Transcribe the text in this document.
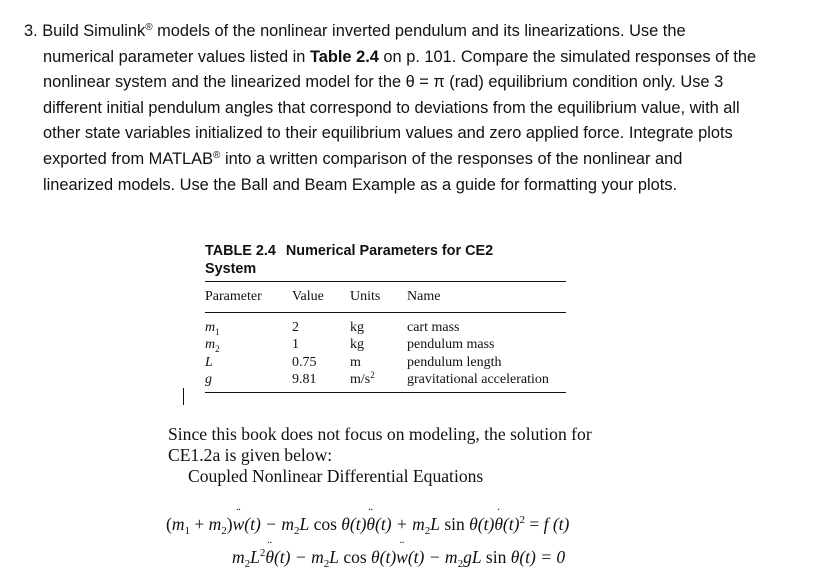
3. Build Simulink® models of the nonlinear inverted pendulum and its linearizations. Use the
numerical parameter values listed in Table 2.4 on p. 101. Compare the simulated responses of the
nonlinear system and the linearized model for the θ = π (rad) equilibrium condition only. Use 3
different initial pendulum angles that correspond to deviations from the equilibrium value, with all
other state variables initialized to their equilibrium values and zero applied force. Integrate plots
exported from MATLAB® into a written comparison of the responses of the nonlinear and
linearized models. Use the Ball and Beam Example as a guide for formatting your plots.
TABLE 2.4 Numerical Parameters for CE2
System
Parameter	Value	Units	Name
$m_1$	2	kg	cart mass
$m_2$	1	kg	pendulum mass
L	0.75	m	pendulum length
g	9.81	$m/s^2$	gravitational acceleration
Since this book does not focus on modeling, the solution for
CE1.2a is given below:
Coupled Nonlinear Differential Equations
$(m_1 + m_2)w$ ¨(t) − $m_2L$ cos θ(t)θ ¨(t) + $m_2L$ sin θ(t)θ $˙(t)^2 = f$ (t)
$m_2L^2\theta$ ¨(t) − $m_2L$ cos θ(t)w ¨(t) − $m_2gL$ sin θ(t) = 0
